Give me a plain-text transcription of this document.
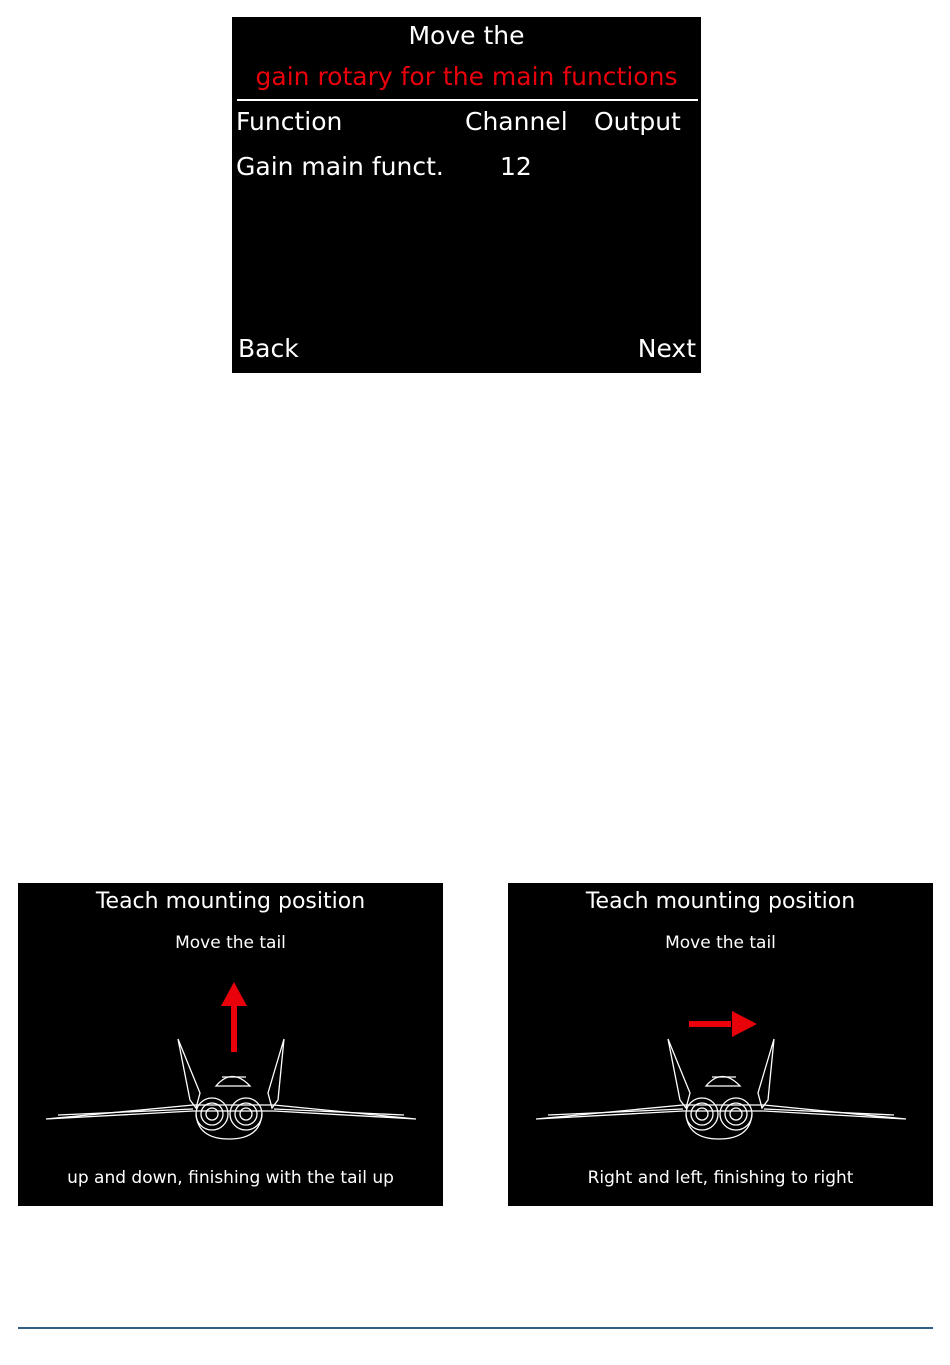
Move the
gain rotary for the main functions
Function	Channel Output
Gain main funct. 12
Back	Next
Teach mounting position
Move the tail
up and down, finishing with the tail up
Teach mounting position
Move the tail
Right and left, finishing to right
